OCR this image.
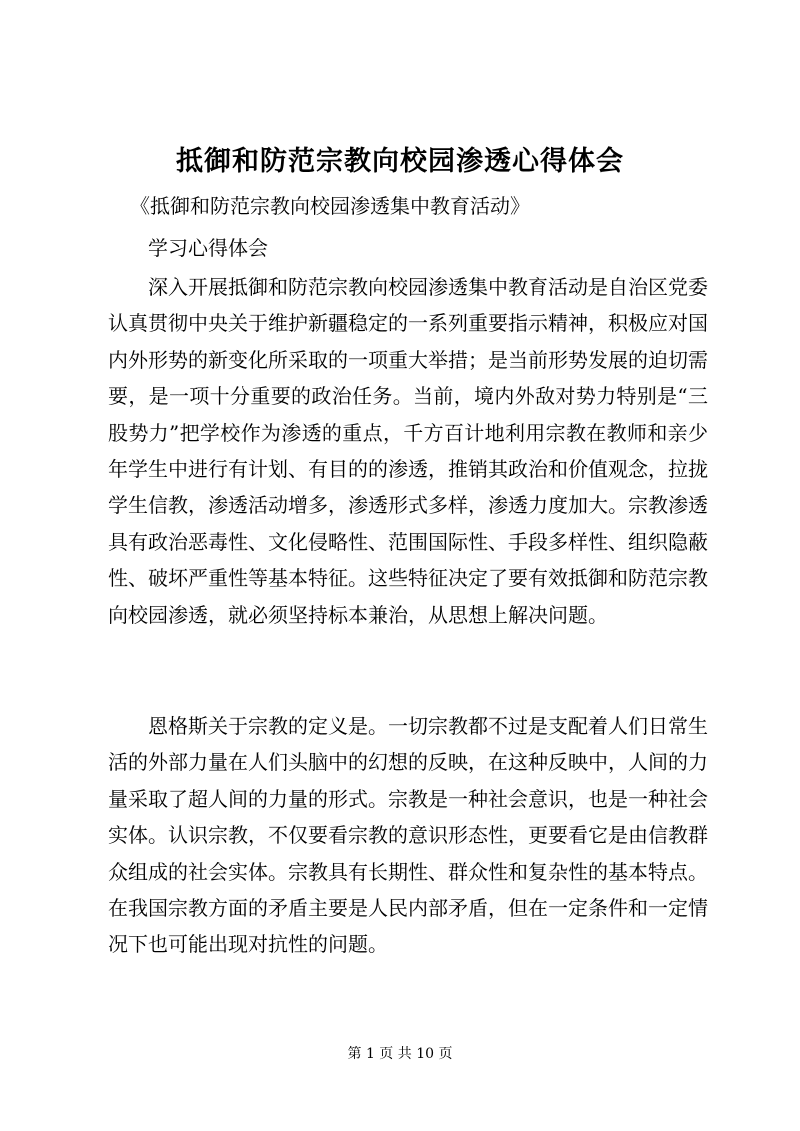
抵御和防范宗教向校园渗透心得体会
《抵御和防范宗教向校园渗透集中教育活动》
学习心得体会

深入开展抵御和防范宗教向校园渗透集中教育活动是自治区党委认真贯彻中央关于维护新疆稳定的一系列重要指示精神，积极应对国内外形势的新变化所采取的一项重大举措；是当前形势发展的迫切需要，是一项十分重要的政治任务。当前，境内外敌对势力特别是“三股势力”把学校作为渗透的重点，千方百计地利用宗教在教师和亲少年学生中进行有计划、有目的的渗透，推销其政治和价值观念，拉拢学生信教，渗透活动增多，渗透形式多样，渗透力度加大。宗教渗透具有政治恶毒性、文化侵略性、范围国际性、手段多样性、组织隐蔽性、破坏严重性等基本特征。这些特征决定了要有效抵御和防范宗教向校园渗透，就必须坚持标本兼治，从思想上解决问题。

恩格斯关于宗教的定义是。一切宗教都不过是支配着人们日常生活的外部力量在人们头脑中的幻想的反映，在这种反映中，人间的力量采取了超人间的力量的形式。宗教是一种社会意识，也是一种社会实体。认识宗教，不仅要看宗教的意识形态性，更要看它是由信教群众组成的社会实体。宗教具有长期性、群众性和复杂性的基本特点。在我国宗教方面的矛盾主要是人民内部矛盾，但在一定条件和一定情况下也可能出现对抗性的问题。

第 1 页 共 10 页
